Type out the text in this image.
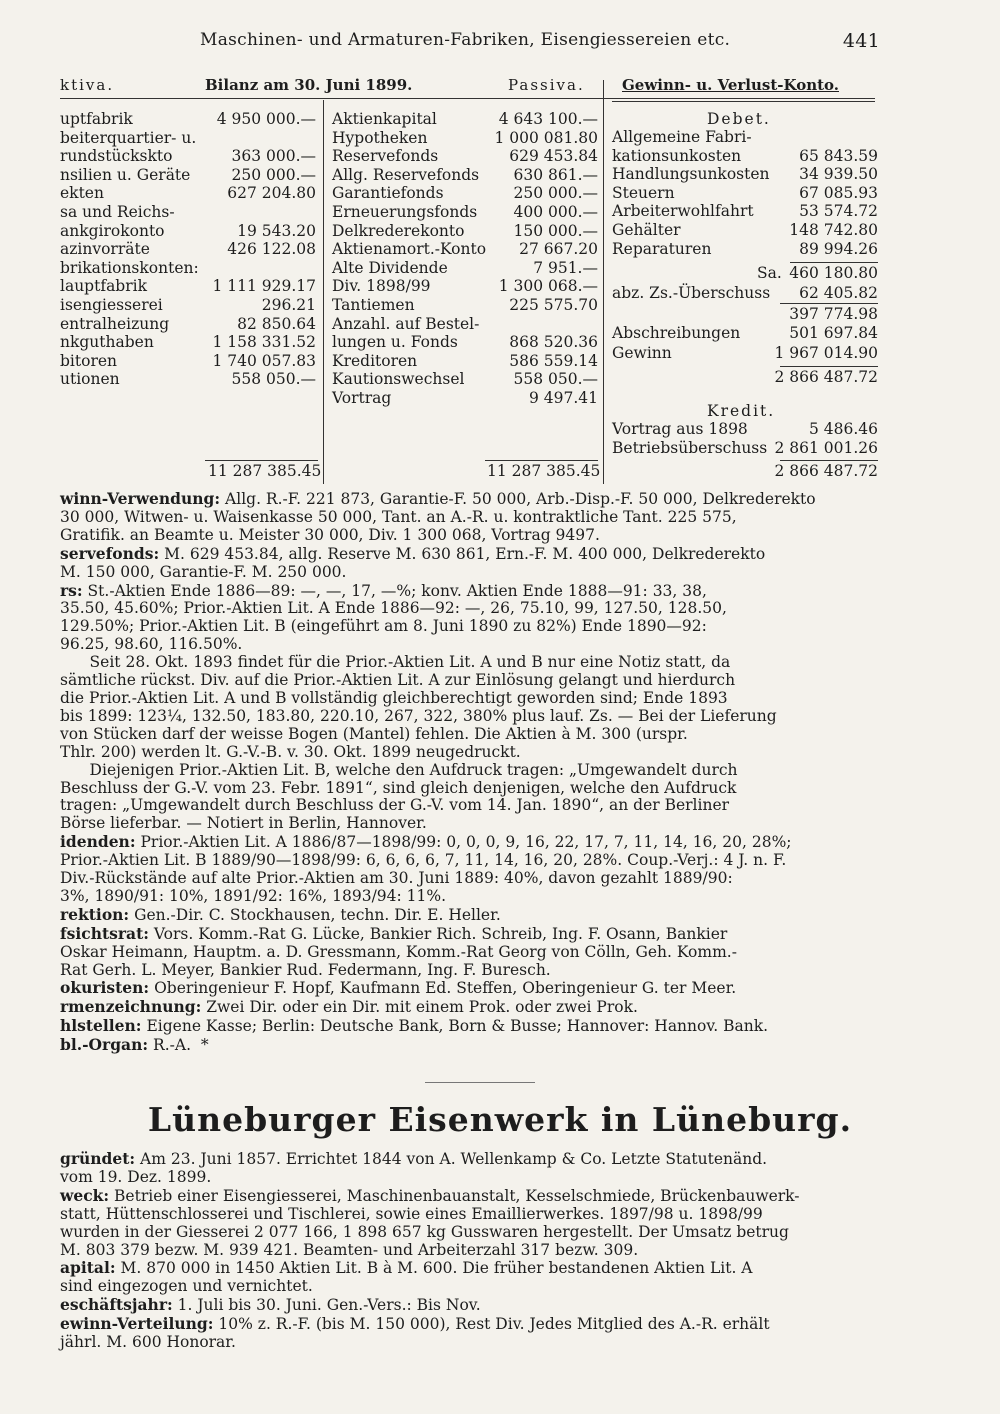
Maschinen- und Armaturen-Fabriken, Eisengiessereien etc.	441
ktiva.	Bilanz am 30. Juni 1899.	Passiva. Gewinn- u. Verlust-Konto.
uptfabrik	4 950 000.—
beiterquartier- u.
rundstückskto	363 000.—
nsilien u. Geräte	250 000.—
ekten	627 204.80
sa und Reichs-
ankgirokonto	19 543.20
azinvorräte	426 122.08
brikationskonten:
lauptfabrik	1 111 929.17
isengiesserei	296.21
entralheizung	82 850.64
nkguthaben	1 158 331.52
bitoren	1 740 057.83
utionen	558 050.—
11 287 385.45
Aktienkapital	4 643 100.—
Hypotheken	1 000 081.80
Reservefonds	629 453.84
Allg. Reservefonds 630 861.—
Garantiefonds	250 000.—
Erneuerungsfonds 400 000.—
Delkrederekonto	150 000.—
Aktienamort.-Konto 27 667.20
Alte Dividende	7 951.—
Div. 1898/99	1 300 068.—
Tantiemen	225 575.70
Anzahl. auf Bestel-
lungen u. Fonds	868 520.36
Kreditoren	586 559.14
Kautionswechsel	558 050.—
Vortrag	9 497.41
11 287 385.45
Debet.
Allgemeine Fabri-
kationsunkosten	65 843.59
Handlungsunkosten 34 939.50
Steuern	67 085.93
Arbeiterwohlfahrt	53 574.72
Gehälter	148 742.80
Reparaturen	89 994.26
Sa. 460 180.80
abz. Zs.-Überschuss 62 405.82
397 774.98
Abschreibungen	501 697.84
Gewinn	1 967 014.90
2 866 487.72
Kredit.
Vortrag aus 1898	5 486.46
Betriebsüberschuss 2 861 001.26
2 866 487.72
winn-Verwendung: Allg. R.-F. 221 873, Garantie-F. 50 000, Arb.-Disp.-F. 50 000, Delkrederekto
30 000, Witwen- u. Waisenkasse 50 000, Tant. an A.-R. u. kontraktliche Tant. 225 575,
Gratifik. an Beamte u. Meister 30 000, Div. 1 300 068, Vortrag 9497.
servefonds: M. 629 453.84, allg. Reserve M. 630 861, Ern.-F. M. 400 000, Delkrederekto
M. 150 000, Garantie-F. M. 250 000.
rs: St.-Aktien Ende 1886—89: —, —, 17, —%; konv. Aktien Ende 1888—91: 33, 38,
35.50, 45.60%; Prior.-Aktien Lit. A Ende 1886—92: —, 26, 75.10, 99, 127.50, 128.50,
129.50%; Prior.-Aktien Lit. B (eingeführt am 8. Juni 1890 zu 82%) Ende 1890—92:
96.25, 98.60, 116.50%.
Seit 28. Okt. 1893 findet für die Prior.-Aktien Lit. A und B nur eine Notiz statt, da
sämtliche rückst. Div. auf die Prior.-Aktien Lit. A zur Einlösung gelangt und hierdurch
die Prior.-Aktien Lit. A und B vollständig gleichberechtigt geworden sind; Ende 1893
bis 1899: 123¼, 132.50, 183.80, 220.10, 267, 322, 380% plus lauf. Zs. — Bei der Lieferung
von Stücken darf der weisse Bogen (Mantel) fehlen. Die Aktien à M. 300 (urspr.
Thlr. 200) werden lt. G.-V.-B. v. 30. Okt. 1899 neugedruckt.
Diejenigen Prior.-Aktien Lit. B, welche den Aufdruck tragen: „Umgewandelt durch
Beschluss der G.-V. vom 23. Febr. 1891“, sind gleich denjenigen, welche den Aufdruck
tragen: „Umgewandelt durch Beschluss der G.-V. vom 14. Jan. 1890“, an der Berliner
Börse lieferbar. — Notiert in Berlin, Hannover.
idenden: Prior.-Aktien Lit. A 1886/87—1898/99: 0, 0, 0, 9, 16, 22, 17, 7, 11, 14, 16, 20, 28%;
Prior.-Aktien Lit. B 1889/90—1898/99: 6, 6, 6, 6, 7, 11, 14, 16, 20, 28%. Coup.-Verj.: 4 J. n. F.
Div.-Rückstände auf alte Prior.-Aktien am 30. Juni 1889: 40%, davon gezahlt 1889/90:
3%, 1890/91: 10%, 1891/92: 16%, 1893/94: 11%.
rektion: Gen.-Dir. C. Stockhausen, techn. Dir. E. Heller.
fsichtsrat: Vors. Komm.-Rat G. Lücke, Bankier Rich. Schreib, Ing. F. Osann, Bankier
Oskar Heimann, Hauptm. a. D. Gressmann, Komm.-Rat Georg von Cölln, Geh. Komm.-
Rat Gerh. L. Meyer, Bankier Rud. Federmann, Ing. F. Buresch.
okuristen: Oberingenieur F. Hopf, Kaufmann Ed. Steffen, Oberingenieur G. ter Meer.
rmenzeichnung: Zwei Dir. oder ein Dir. mit einem Prok. oder zwei Prok.
hlstellen: Eigene Kasse; Berlin: Deutsche Bank, Born & Busse; Hannover: Hannov. Bank.
bl.-Organ: R.-A.  *
Lüneburger Eisenwerk in Lüneburg.
gründet: Am 23. Juni 1857. Errichtet 1844 von A. Wellenkamp & Co. Letzte Statutenänd.
vom 19. Dez. 1899.
weck: Betrieb einer Eisengiesserei, Maschinenbauanstalt, Kesselschmiede, Brückenbauwerk-
statt, Hüttenschlosserei und Tischlerei, sowie eines Emaillierwerkes. 1897/98 u. 1898/99
wurden in der Giesserei 2 077 166, 1 898 657 kg Gusswaren hergestellt. Der Umsatz betrug
M. 803 379 bezw. M. 939 421. Beamten- und Arbeiterzahl 317 bezw. 309.
apital: M. 870 000 in 1450 Aktien Lit. B à M. 600. Die früher bestandenen Aktien Lit. A
sind eingezogen und vernichtet.
eschäftsjahr: 1. Juli bis 30. Juni. Gen.-Vers.: Bis Nov.
ewinn-Verteilung: 10% z. R.-F. (bis M. 150 000), Rest Div. Jedes Mitglied des A.-R. erhält
jährl. M. 600 Honorar.
